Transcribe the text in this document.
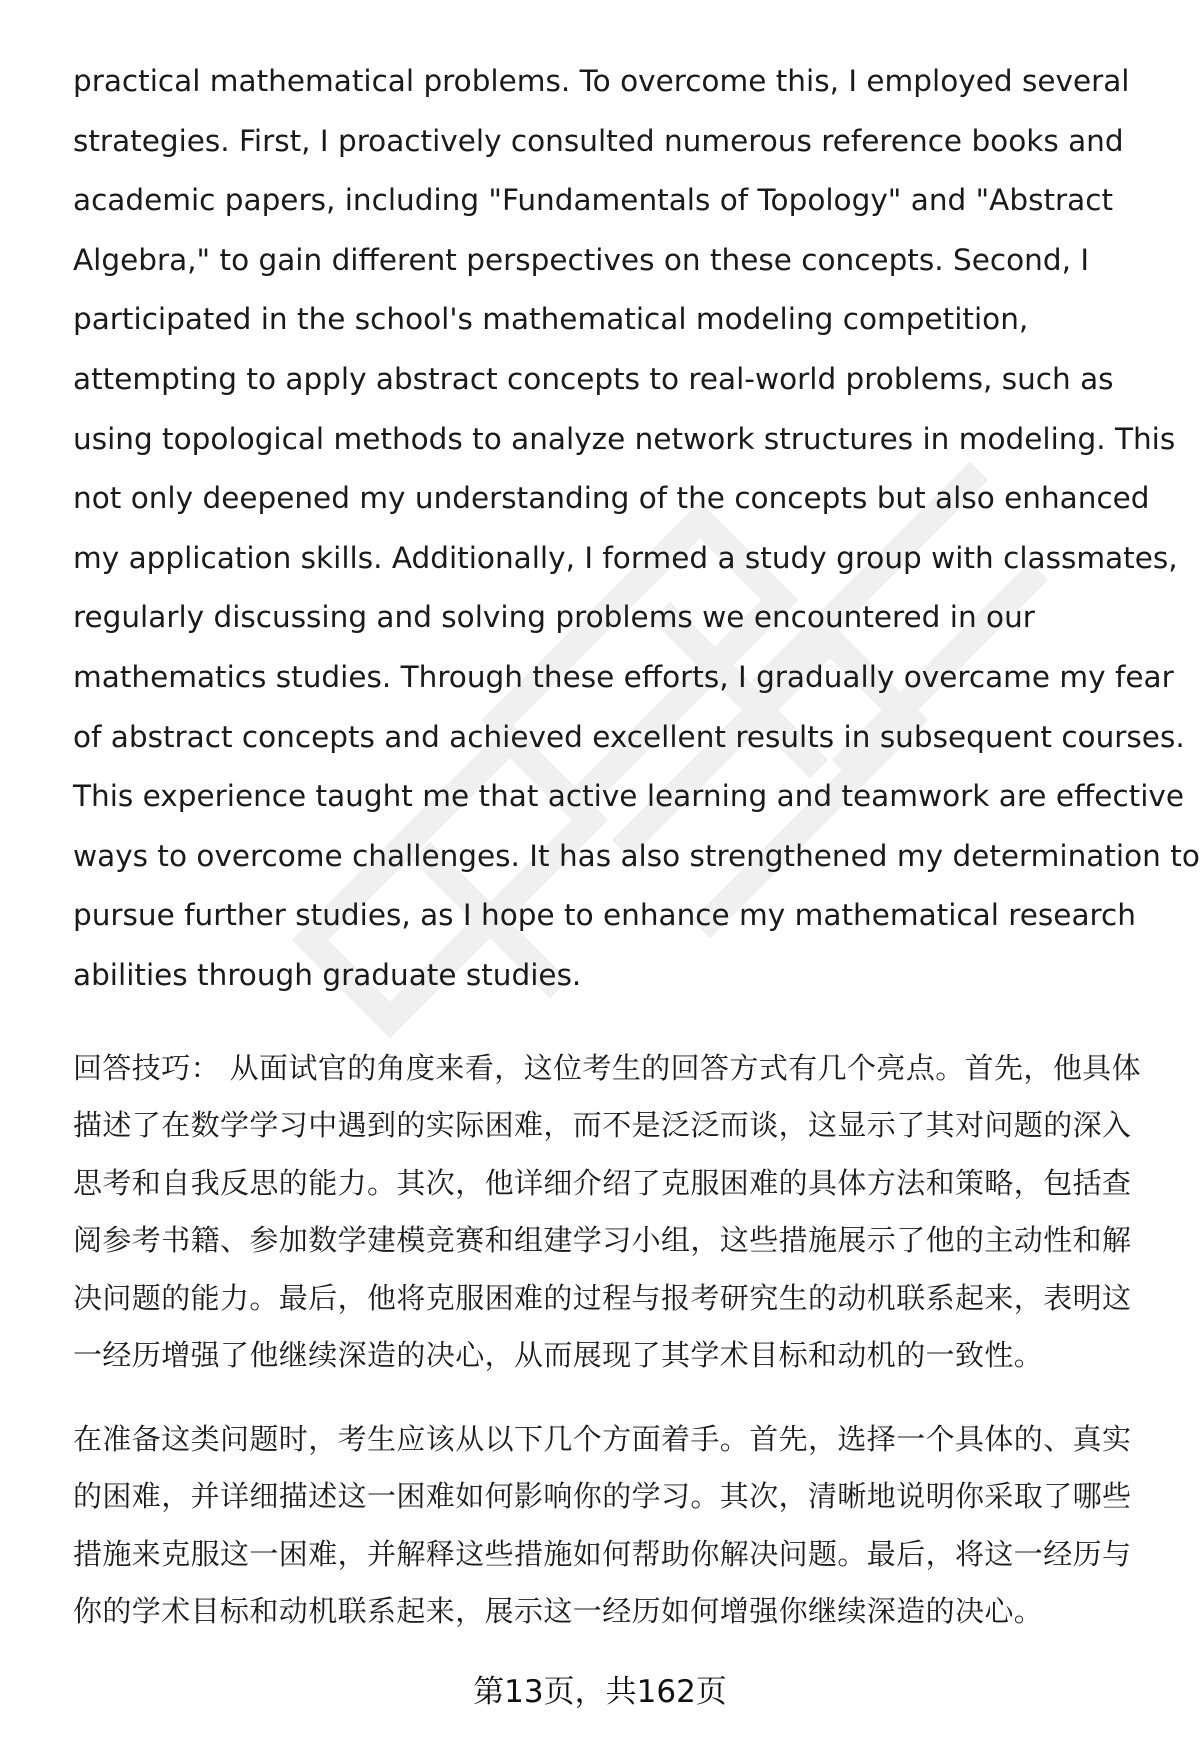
practical mathematical problems. To overcome this, I employed several
strategies. First, I proactively consulted numerous reference books and
academic papers, including "Fundamentals of Topology" and "Abstract
Algebra," to gain different perspectives on these concepts. Second, I
participated in the school's mathematical modeling competition,
attempting to apply abstract concepts to real-world problems, such as
using topological methods to analyze network structures in modeling. This
not only deepened my understanding of the concepts but also enhanced
my application skills. Additionally, I formed a study group with classmates,
regularly discussing and solving problems we encountered in our
mathematics studies. Through these efforts, I gradually overcame my fear
of abstract concepts and achieved excellent results in subsequent courses.
This experience taught me that active learning and teamwork are effective
ways to overcome challenges. It has also strengthened my determination to
pursue further studies, as I hope to enhance my mathematical research
abilities through graduate studies.

回答技巧： 从面试官的角度来看，这位考生的回答方式有几个亮点。首先，他具体
描述了在数学学习中遇到的实际困难，而不是泛泛而谈，这显示了其对问题的深入
思考和自我反思的能力。其次，他详细介绍了克服困难的具体方法和策略，包括查
阅参考书籍、参加数学建模竞赛和组建学习小组，这些措施展示了他的主动性和解
决问题的能力。最后，他将克服困难的过程与报考研究生的动机联系起来，表明这
一经历增强了他继续深造的决心，从而展现了其学术目标和动机的一致性。

在准备这类问题时，考生应该从以下几个方面着手。首先，选择一个具体的、真实
的困难，并详细描述这一困难如何影响你的学习。其次，清晰地说明你采取了哪些
措施来克服这一困难，并解释这些措施如何帮助你解决问题。最后，将这一经历与
你的学术目标和动机联系起来，展示这一经历如何增强你继续深造的决心。

第13页，共162页
